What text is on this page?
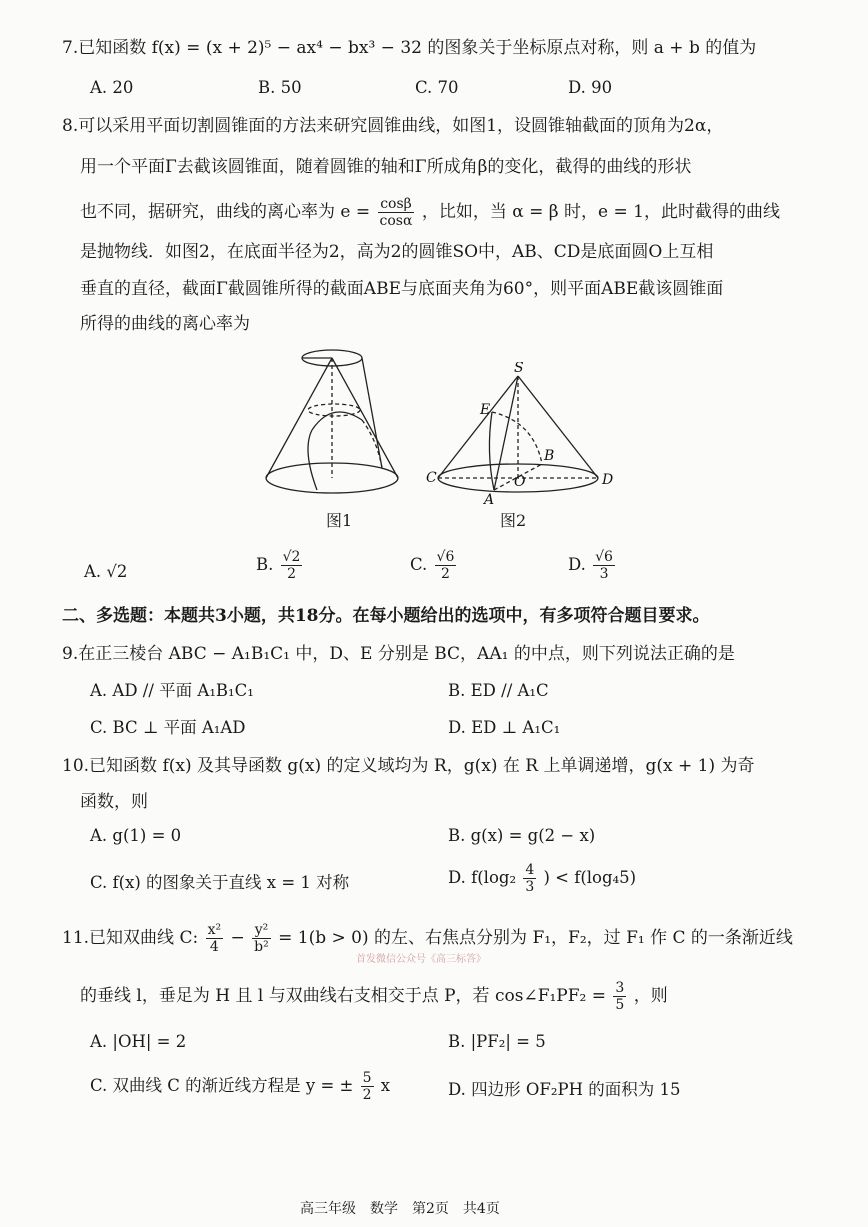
7.已知函数 f(x) = (x + 2)⁵ − ax⁴ − bx³ − 32 的图象关于坐标原点对称，则 a + b 的值为
A. 20	B. 50	C. 70	D. 90
8.可以采用平面切割圆锥面的方法来研究圆锥曲线，如图1，设圆锥轴截面的顶角为2α，
用一个平面Γ去截该圆锥面，随着圆锥的轴和Γ所成角β的变化，截得的曲线的形状
也不同，据研究，曲线的离心率为 $e = \frac{\cos\beta}{\cos\alpha}$ ，比如，当 α = β 时，e = 1，此时截得的曲线
是抛物线．如图2，在底面半径为2，高为2的圆锥SO中，AB、CD是底面圆O上互相
垂直的直径，截面Γ截圆锥所得的截面ABE与底面夹角为60°，则平面ABE截该圆锥面
所得的曲线的离心率为
图1
S
E
B
C	O
A
D
图2
A. √2	B. $\frac{√2}{2}$	C. $\frac{√6}{2}$	D. $\frac{√6}{3}$
二、多选题：本题共3小题，共18分。在每小题给出的选项中，有多项符合题目要求。
9.在正三棱台 ABC − A₁B₁C₁ 中，D、E 分别是 BC，AA₁ 的中点，则下列说法正确的是
A. AD // 平面 A₁B₁C₁	B. ED // A₁C
C. BC ⊥ 平面 A₁AD	D. ED ⊥ A₁C₁
10.已知函数 f(x) 及其导函数 g(x) 的定义域均为 R，g(x) 在 R 上单调递增，g(x + 1) 为奇
函数，则
A. g(1) = 0	B. g(x) = g(2 − x)
C. f(x) 的图象关于直线 x = 1 对称	D. $f(\log_2 \frac{4}{3}$ ) < f(log₄5)
11.已知双曲线 C: $\frac{\text{x²}}{4} - \frac{\text{y²}}{\text{b²}} = 1(b > 0)$ 的左、右焦点分别为 F₁，F₂，过 F₁ 作 C 的一条渐近线
首发微信公众号《高三标答》
的垂线 l，垂足为 H 且 l 与双曲线右支相交于点 P，若 cos∠F₁PF₂ = $\frac{3}{5}$ ，则
A. |OH| = 2	B. |PF₂| = 5
C. 双曲线 C 的渐近线方程是 y = ± $\frac{5}{2}$ x	D. 四边形 OF₂PH 的面积为 15
高三年级　数学　第2页　共4页
